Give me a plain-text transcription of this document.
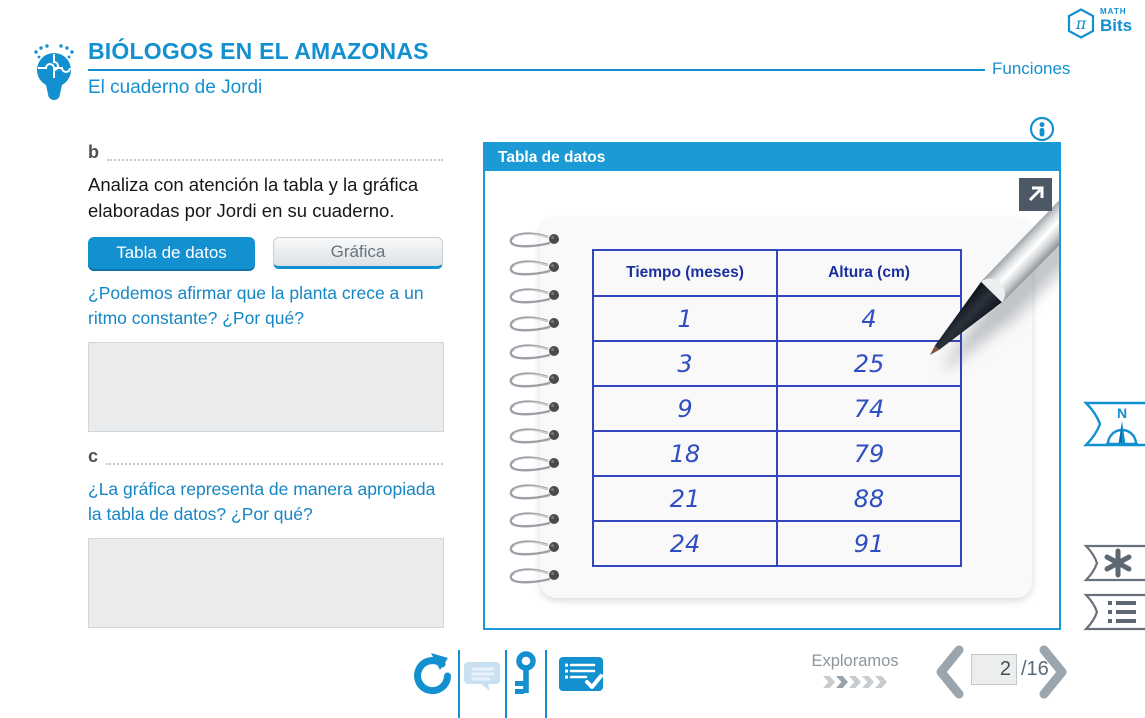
BIÓLOGOS EN EL AMAZONAS
Funciones
El cuaderno de Jordi
π
MATH
Bits
b
Analiza con atención la tabla y la gráfica elaboradas por Jordi en su cuaderno.
Tabla de datos	Gráfica
¿Podemos afirmar que la planta crece a un ritmo constante? ¿Por qué?
c
¿La gráfica representa de manera apropiada la tabla de datos? ¿Por qué?
Tabla de datos
Tiempo (meses)	Altura (cm)
1	4
3	25
9	74
18	79
21	88
24	91
Exploramos
2	/16
N
